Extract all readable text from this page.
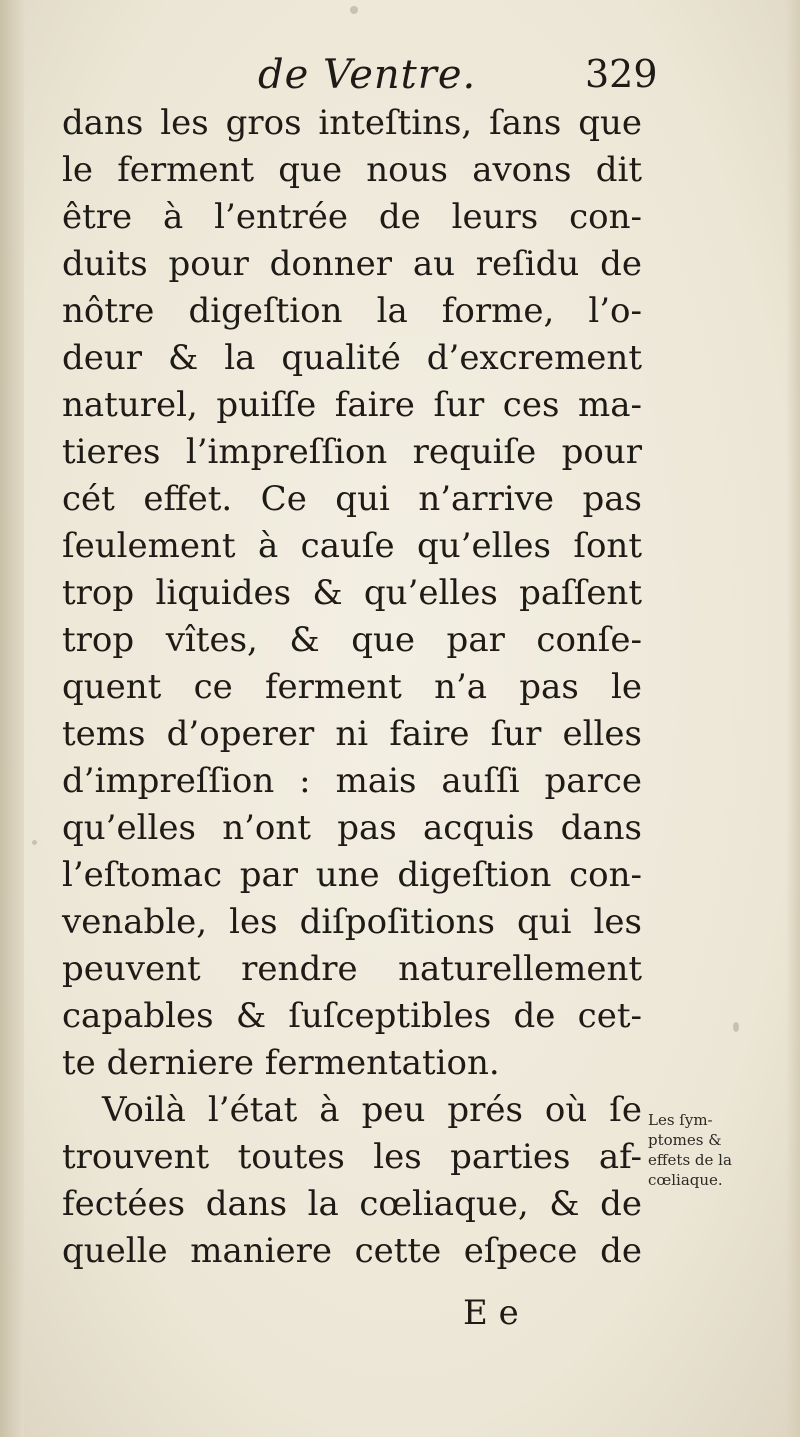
de Ventre.	329
dans les gros inteſtins, ſans que
le ferment que nous avons dit
être à l’entrée de leurs con-
duits pour donner au reſidu de
nôtre digeſtion la forme, l’o-
deur & la qualité d’excrement
naturel, puiſſe faire ſur ces ma-
tieres l’impreſſion requiſe pour
cét effet. Ce qui n’arrive pas
ſeulement à cauſe qu’elles ſont
trop liquides & qu’elles paſſent
trop vîtes, & que par conſe-
quent ce ferment n’a pas le
tems d’operer ni faire ſur elles
d’impreſſion : mais auſſi parce
qu’elles n’ont pas acquis dans
l’eſtomac par une digeſtion con-
venable, les diſpoſitions qui les
peuvent rendre naturellement
capables & ſuſceptibles de cet-
te derniere fermentation.
Voilà l’état à peu prés où ſe
trouvent toutes les parties af-
fectées dans la cœliaque, & de
quelle maniere cette eſpece de
Les ſym-
ptomes &
effets de la
cœliaque.
E e
